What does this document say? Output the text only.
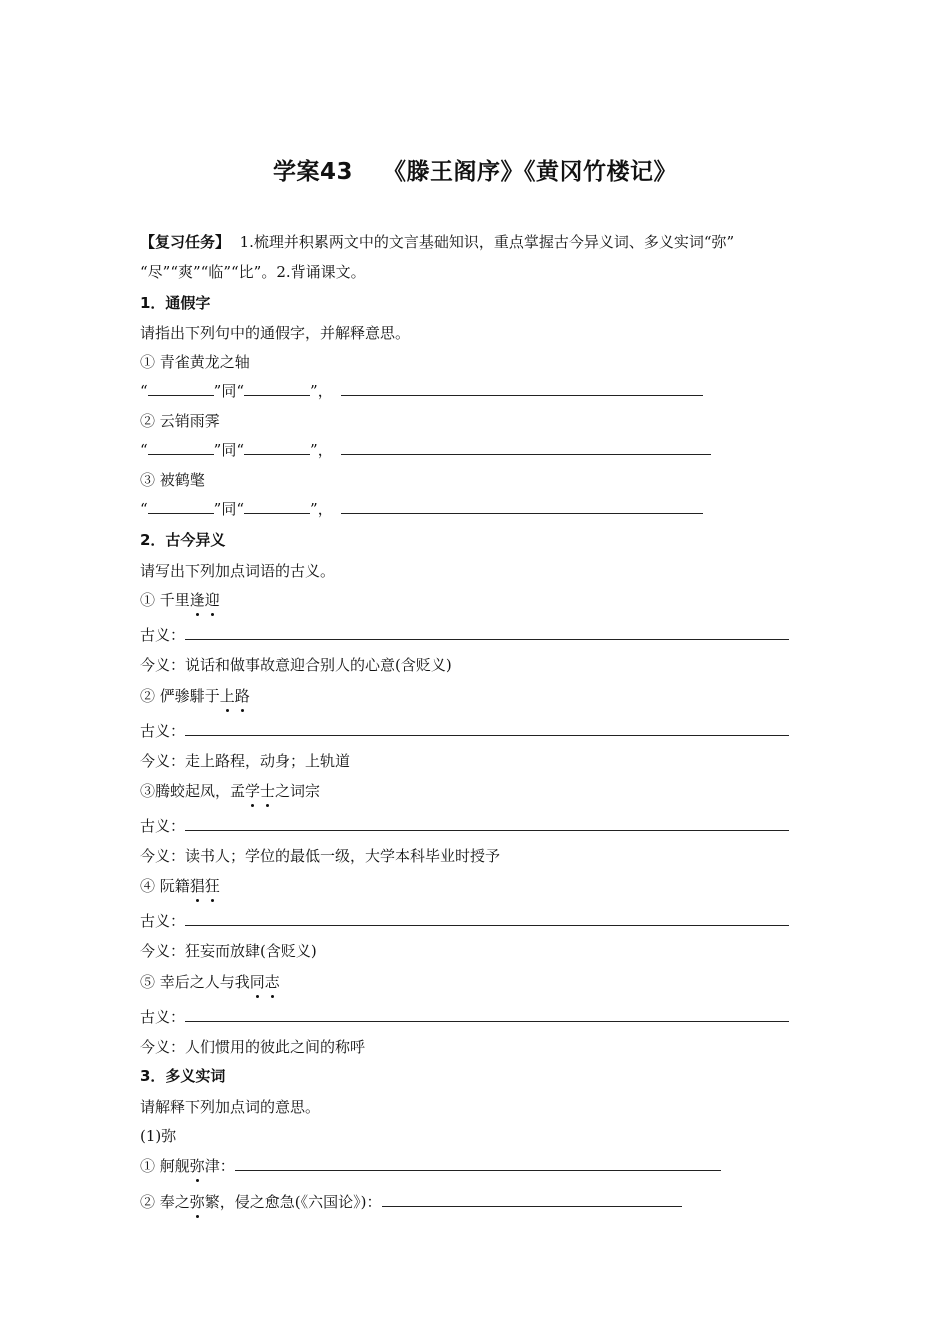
学案43 《滕王阁序》《黄冈竹楼记》
【复习任务】 1.梳理并积累两文中的文言基础知识，重点掌握古今异义词、多义实词“弥”
“尽”“爽”“临”“比”。2.背诵课文。
1．通假字
请指出下列句中的通假字，并解释意思。
① 青雀黄龙之轴
“	”同“	”，
② 云销雨霁
“	”同“	”，
③ 被鹤氅
“	”同“	”，
2．古今异义
请写出下列加点词语的古义。
① 千里逢迎
古义：
今义：说话和做事故意迎合别人的心意(含贬义)
② 俨骖騑于上路
古义：
今义：走上路程，动身；上轨道
③腾蛟起凤，孟学士之词宗
古义：
今义：读书人；学位的最低一级，大学本科毕业时授予
④ 阮籍猖狂
古义：
今义：狂妄而放肆(含贬义)
⑤ 幸后之人与我同志
古义：
今义：人们惯用的彼此之间的称呼
3．多义实词
请解释下列加点词的意思。
(1)弥
① 舸舰弥津：
② 奉之弥繁，侵之愈急(《六国论》)：
